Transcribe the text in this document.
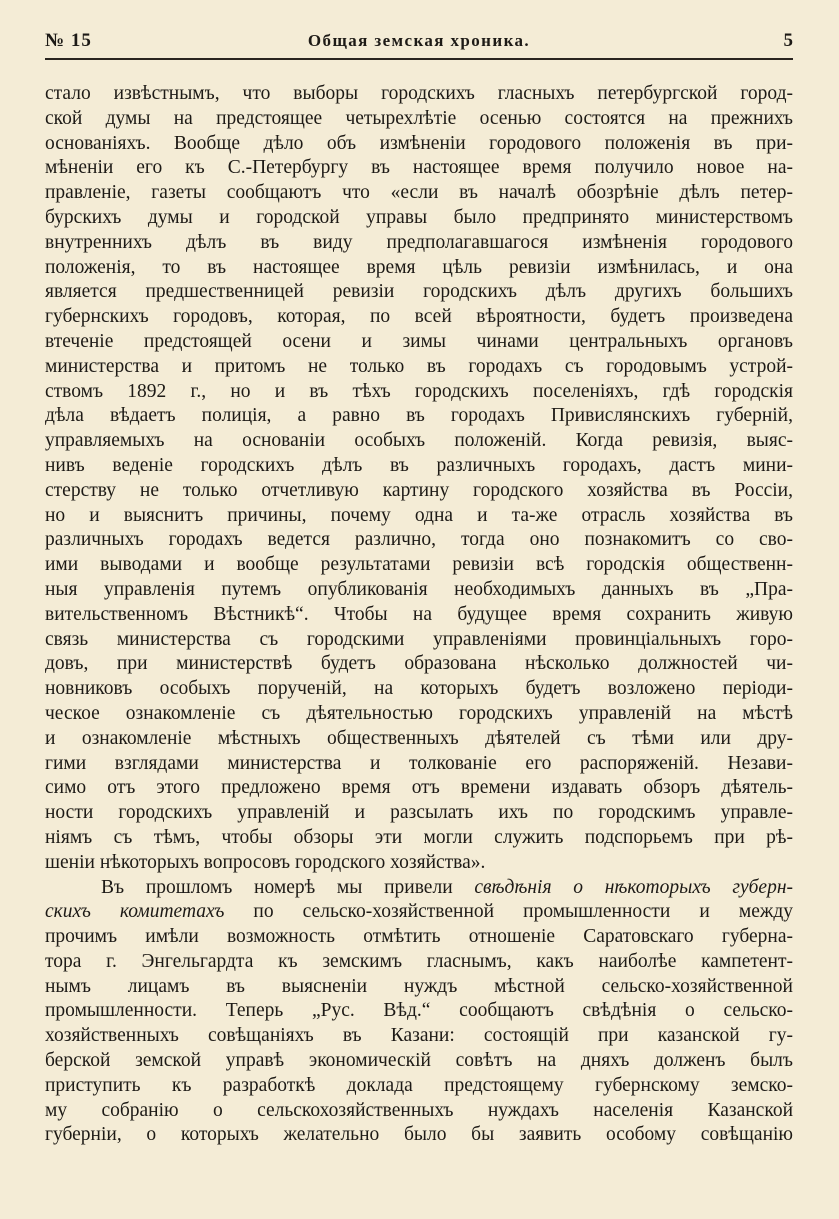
№ 15	Общая земская хроника.	5
стало извѣстнымъ, что выборы городскихъ гласныхъ петербургской город-
ской думы на предстоящее четырехлѣтіе осенью состоятся на прежнихъ
основаніяхъ. Вообще дѣло объ измѣненіи городового положенія въ при-
мѣненіи его къ С.-Петербургу въ настоящее время получило новое на-
правленіе, газеты сообщаютъ что «если въ началѣ обозрѣніе дѣлъ петер-
бурскихъ думы и городской управы было предпринято министерствомъ
внутреннихъ дѣлъ въ виду предполагавшагося измѣненія городового
положенія, то въ настоящее время цѣль ревизіи измѣнилась, и она
является предшественницей ревизіи городскихъ дѣлъ другихъ большихъ
губернскихъ городовъ, которая, по всей вѣроятности, будетъ произведена
втеченіе предстоящей осени и зимы чинами центральныхъ органовъ
министерства и притомъ не только въ городахъ съ городовымъ устрой-
ствомъ 1892 г., но и въ тѣхъ городскихъ поселеніяхъ, гдѣ городскія
дѣла вѣдаетъ полиція, а равно въ городахъ Привислянскихъ губерній,
управляемыхъ на основаніи особыхъ положеній. Когда ревизія, выяс-
нивъ веденіе городскихъ дѣлъ въ различныхъ городахъ, дастъ мини-
стерству не только отчетливую картину городского хозяйства въ Россіи,
но и выяснитъ причины, почему одна и та-же отрасль хозяйства въ
различныхъ городахъ ведется различно, тогда оно познакомитъ со сво-
ими выводами и вообще результатами ревизіи всѣ городскія общественн-
ныя управленія путемъ опубликованія необходимыхъ данныхъ въ „Пра-
вительственномъ Вѣстникѣ“. Чтобы на будущее время сохранить живую
связь министерства съ городскими управленіями провинціальныхъ горо-
довъ, при министерствѣ будетъ образована нѣсколько должностей чи-
новниковъ особыхъ порученій, на которыхъ будетъ возложено періоди-
ческое ознакомленіе съ дѣятельностью городскихъ управленій на мѣстѣ
и ознакомленіе мѣстныхъ общественныхъ дѣятелей съ тѣми или дру-
гими взглядами министерства и толкованіе его распоряженій. Незави-
симо отъ этого предложено время отъ времени издавать обзоръ дѣятель-
ности городскихъ управленій и разсылать ихъ по городскимъ управле-
ніямъ съ тѣмъ, чтобы обзоры эти могли служить подспорьемъ при рѣ-
шеніи нѣкоторыхъ вопросовъ городского хозяйства».
Въ прошломъ номерѣ мы привели свѣдѣнія о нѣкоторыхъ губерн-
скихъ комитетахъ по сельско-хозяйственной промышленности и между
прочимъ имѣли возможность отмѣтить отношеніе Саратовскаго губерна-
тора г. Энгельгардта къ земскимъ гласнымъ, какъ наиболѣе кампетент-
нымъ лицамъ въ выясненіи нуждъ мѣстной сельско-хозяйственной
промышленности. Теперь „Рус. Вѣд.“ сообщаютъ свѣдѣнія о сельско-
хозяйственныхъ совѣщаніяхъ въ Казани: состоящій при казанской гу-
берской земской управѣ экономическій совѣтъ на дняхъ долженъ былъ
приступить къ разработкѣ доклада предстоящему губернскому земско-
му собранію о сельскохозяйственныхъ нуждахъ населенія Казанской
губерніи, о которыхъ желательно было бы заявить особому совѣщанію
